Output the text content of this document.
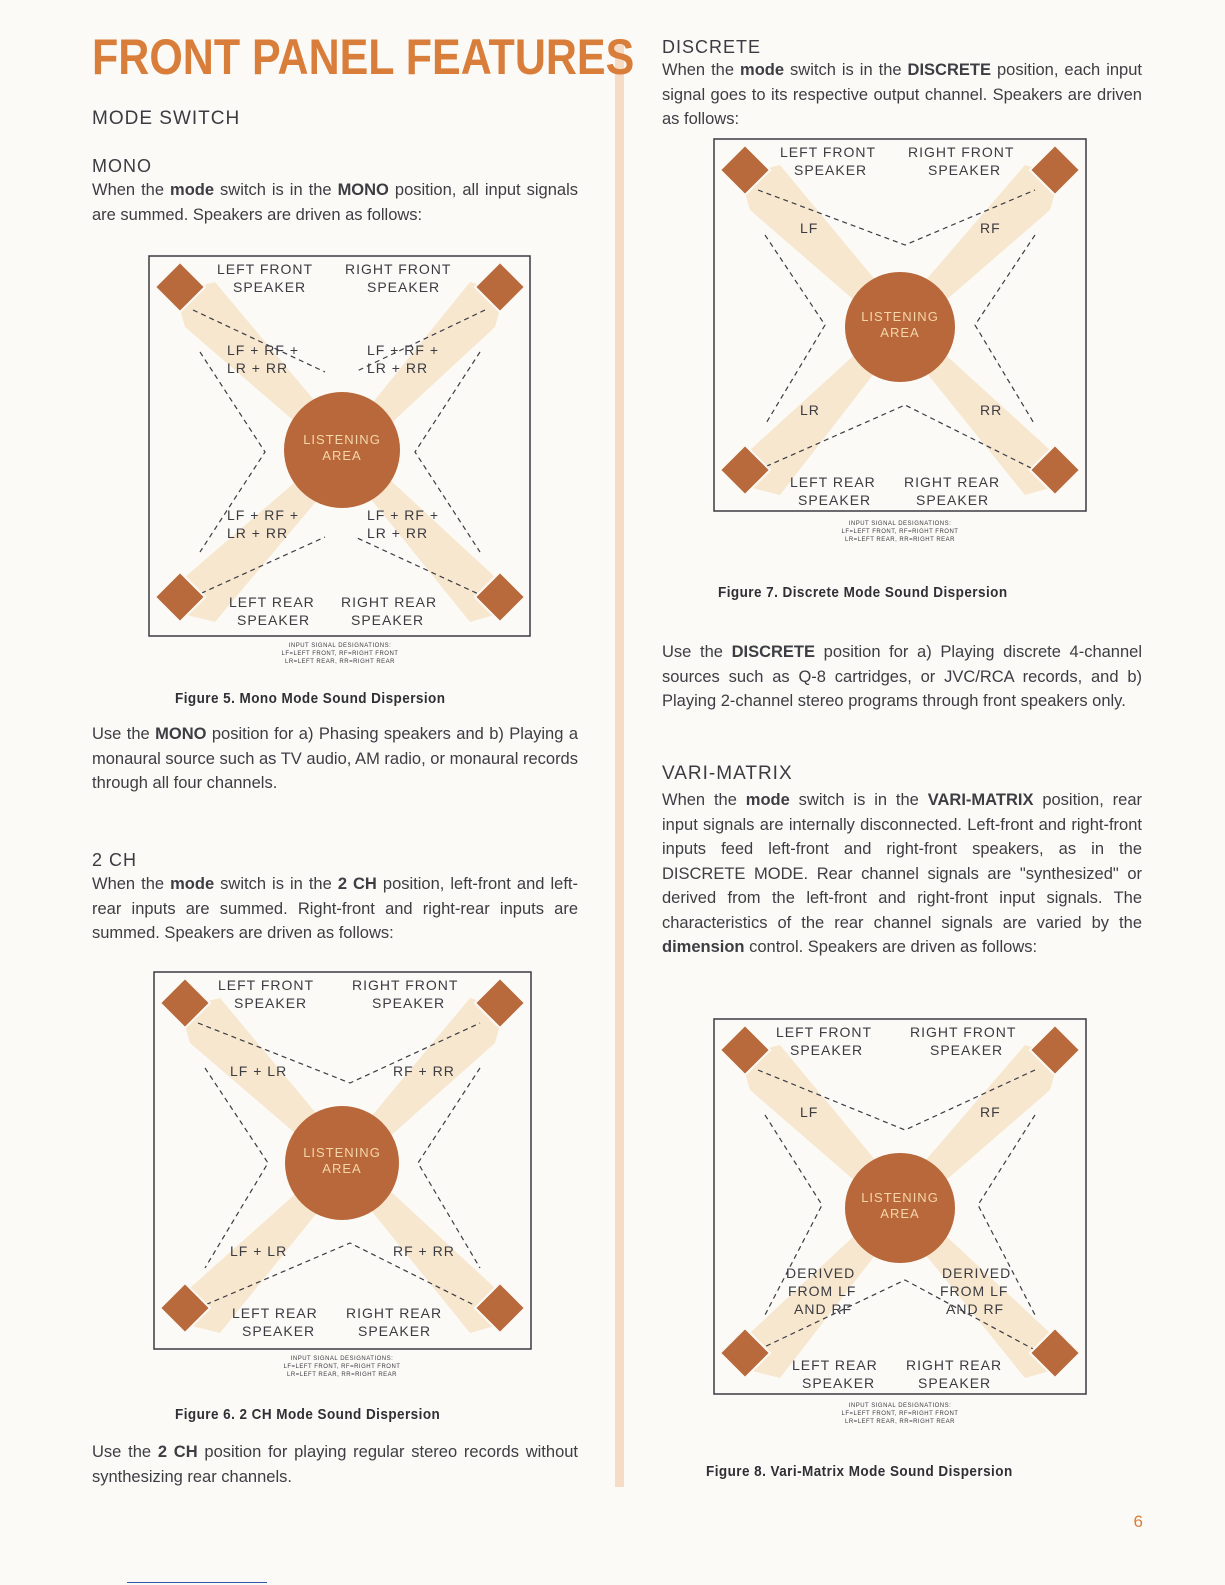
FRONT PANEL FEATURES
MODE SWITCH
MONO
When the mode switch is in the MONO position, all input signals are summed. Speakers are driven as follows:
LISTENING
AREA
LEFT FRONT
SPEAKER
RIGHT FRONT
SPEAKER
LF + RF +
LR + RR
LF + RF +
LR + RR
LF + RF +
LR + RR
LF + RF +
LR + RR
LEFT REAR
SPEAKER
RIGHT REAR
SPEAKER
INPUT SIGNAL DESIGNATIONS:
LF=LEFT FRONT, RF=RIGHT FRONT
LR=LEFT REAR, RR=RIGHT REAR
Figure 5. Mono Mode Sound Dispersion
Use the MONO position for a) Phasing speakers and b) Playing a monaural source such as TV audio, AM radio, or monaural records through all four channels.
2 CH
When the mode switch is in the 2 CH position, left-front and left-rear inputs are summed. Right-front and right-rear inputs are summed. Speakers are driven as follows:
LISTENING
AREA
LEFT FRONT
SPEAKER
RIGHT FRONT
SPEAKER
LF + LR	RF + RR
LF + LR	RF + RR
LEFT REAR
SPEAKER
RIGHT REAR
SPEAKER
INPUT SIGNAL DESIGNATIONS:
LF=LEFT FRONT, RF=RIGHT FRONT
LR=LEFT REAR, RR=RIGHT REAR
Figure 6. 2 CH Mode Sound Dispersion
Use the 2 CH position for playing regular stereo records without synthesizing rear channels.
DISCRETE
When the mode switch is in the DISCRETE position, each input signal goes to its respective output channel. Speakers are driven as follows:
LISTENING
AREA
LEFT FRONT
SPEAKER
RIGHT FRONT
SPEAKER
LF	RF
LR	RR
LEFT REAR
SPEAKER
RIGHT REAR
SPEAKER
INPUT SIGNAL DESIGNATIONS:
LF=LEFT FRONT, RF=RIGHT FRONT
LR=LEFT REAR, RR=RIGHT REAR
Figure 7. Discrete Mode Sound Dispersion
Use the DISCRETE position for a) Playing discrete 4-channel sources such as Q-8 cartridges, or JVC/RCA records, and b) Playing 2-channel stereo programs through front speakers only.
VARI-MATRIX
When the mode switch is in the VARI-MATRIX position, rear input signals are internally disconnected. Left-front and right-front inputs feed left-front and right-front speakers, as in the DISCRETE MODE. Rear channel signals are "synthesized" or derived from the left-front and right-front input signals. The characteristics of the rear channel signals are varied by the dimension control. Speakers are driven as follows:
LISTENING
AREA
LEFT FRONT
SPEAKER
RIGHT FRONT
SPEAKER
LF	RF
DERIVED
FROM LF
AND RF
DERIVED
FROM LF
AND RF
LEFT REAR
SPEAKER
RIGHT REAR
SPEAKER
INPUT SIGNAL DESIGNATIONS:
LF=LEFT FRONT, RF=RIGHT FRONT
LR=LEFT REAR, RR=RIGHT REAR
Figure 8. Vari-Matrix Mode Sound Dispersion
6
